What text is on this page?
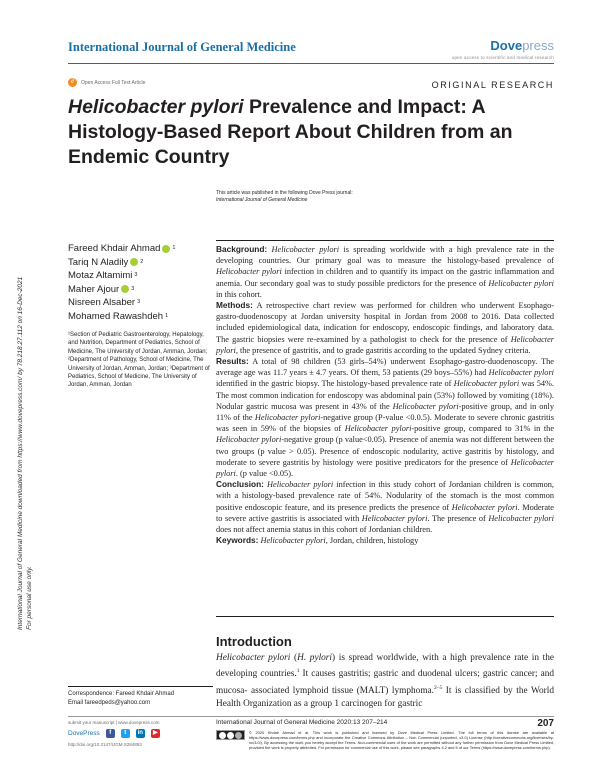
International Journal of General Medicine	Dovepress
open access to scientific and medical research
∂	Open Access Full Text Article	ORIGINAL RESEARCH
Helicobacter pylori Prevalence and Impact: A Histology-Based Report About Children from an Endemic Country
International Journal of General Medicine downloaded from https://www.dovepress.com/ by 78.218.27.112 on 16-Dec-2021 For personal use only.
This article was published in the following Dove Press journal:
International Journal of General Medicine
Fareed Khdair Ahmad 1
Tariq N Aladily 2
Motaz Altamimi 3
Maher Ajour 3
Nisreen Alsaber 3
Mohamed Rawashdeh 1
¹Section of Pediatric Gastroenterology, Hepatology, and Nutrition, Department of Pediatrics, School of Medicine, The University of Jordan, Amman, Jordan; ²Department of Pathology, School of Medicine, The University of Jordan, Amman, Jordan; ³Department of Pediatrics, School of Medicine, The University of Jordan, Amman, Jordan

Background: Helicobacter pylori is spreading worldwide with a high prevalence rate in the developing countries. Our primary goal was to measure the histology-based prevalence of Helicobacter pylori infection in children and to quantify its impact on the gastric inflammation and anemia. Our secondary goal was to study possible predictors for the presence of Helicobacter pylori in this cohort.

Methods: A retrospective chart review was performed for children who underwent Esophago-gastro-duodenoscopy at Jordan university hospital in Jordan from 2008 to 2016. Data collected included epidemiological data, indication for endoscopy, endoscopic findings, and laboratory data. The gastric biopsies were re-examined by a pathologist to check for the presence of Helicobacter pylori, the presence of gastritis, and to grade gastritis according to the updated Sydney criteria.

Results: A total of 98 children (53 girls–54%) underwent Esophago-gastro-duodenoscopy. The average age was 11.7 years ± 4.7 years. Of them, 53 patients (29 boys–55%) had Helicobacter pylori identified in the gastric biopsy. The histology-based prevalence rate of Helicobacter pylori was 54%. The most common indication for endoscopy was abdominal pain (53%) followed by vomiting (18%). Nodular gastric mucosa was present in 43% of the Helicobacter pylori-positive group, and in only 11% of the Helicobacter pylori-negative group (P-value <0.0.5). Moderate to severe chronic gastritis was seen in 59% of the biopsies of Helicobacter pylori-positive group, compared to 31% in the Helicobacter pylori-negative group (p value<0.05). Presence of anemia was not different between the two groups (p value > 0.05). Presence of endoscopic nodularity, active gastritis by histology, and moderate to severe gastritis by histology were positive predicators for the presence of Helicobacter pylori. (p value <0.05).

Conclusion: Helicobacter pylori infection in this study cohort of Jordanian children is common, with a histology-based prevalence rate of 54%. Nodularity of the stomach is the most common positive endoscopic feature, and its presence predicts the presence of Helicobacter pylori. Moderate to severe active gastritis is associated with Helicobacter pylori. The presence of Helicobacter pylori does not affect anemia status in this cohort of Jordanian children.

Keywords: Helicobacter pylori, Jordan, children, histology

Introduction
Helicobacter pylori (H. pylori) is spread worldwide, with a high prevalence rate in the developing countries.$^1$ It causes gastritis; gastric and duodenal ulcers; gastric cancer; and mucosa- associated lymphoid tissue (MALT) lymphoma.$^{2-5}$ It is classified by the World Health Organization as a group 1 carcinogen for gastric
Correspondence: Fareed Khdair Ahmad
Email fareedpeds@yahoo.com
submit your manuscript | www.dovepress.com
DovePress	f	t	in	▶
http://doi.org/10.2147/IJGM.S284893
International Journal of General Medicine 2020:13 207–214	207
© 2020 Khdair Ahmad et al. This work is published and licensed by Dove Medical Press Limited. The full terms of this license are available at https://www.dovepress.com/terms.php and incorporate the Creative Commons Attribution – Non Commercial (unported, v3.0) License (http://creativecommons.org/licenses/by-nc/3.0/). By accessing the work you hereby accept the Terms. Non-commercial uses of the work are permitted without any further permission from Dove Medical Press Limited, provided the work is properly attributed. For permission for commercial use of this work, please see paragraphs 4.2 and 5 of our Terms (https://www.dovepress.com/terms.php).
